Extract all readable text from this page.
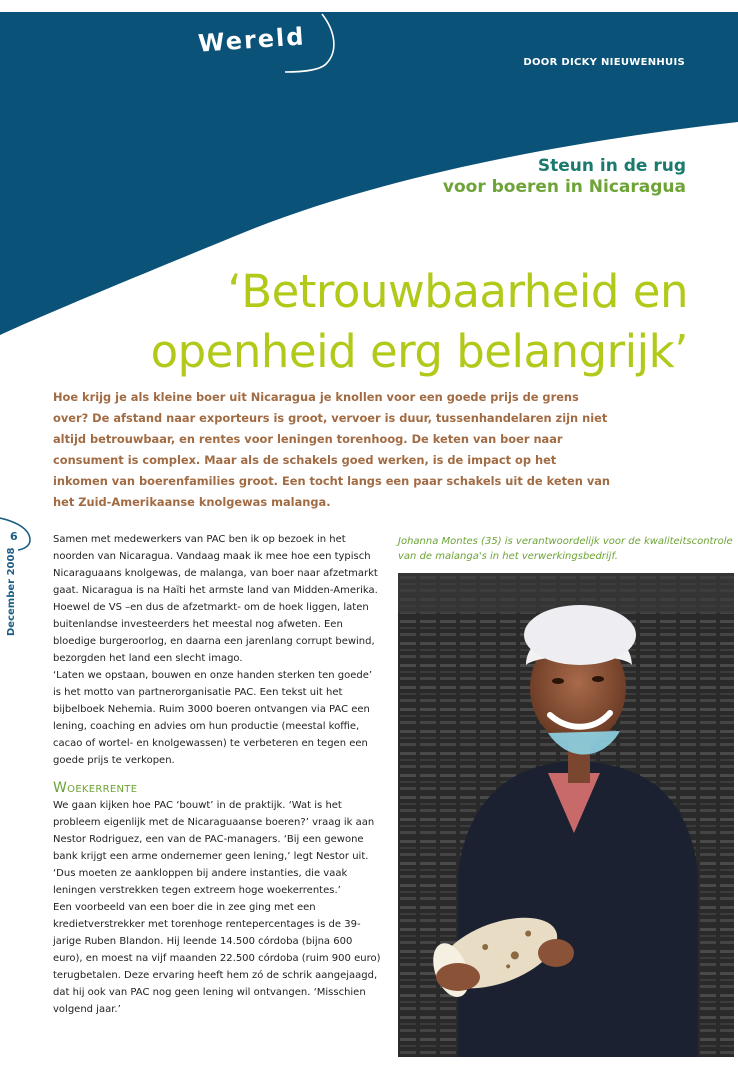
Wereld
DOOR DICKY NIEUWENHUIS
Steun in de rug
voor boeren in Nicaragua
‘Betrouwbaarheid en
openheid erg belangrijk’

Hoe krijg je als kleine boer uit Nicaragua je knollen voor een goede prijs de grens over? De afstand naar exporteurs is groot, vervoer is duur, tussenhandelaren zijn niet altijd betrouwbaar, en rentes voor leningen torenhoog. De keten van boer naar consument is complex. Maar als de schakels goed werken, is de impact op het inkomen van boerenfamilies groot. Een tocht langs een paar schakels uit de keten van het Zuid-Amerikaanse knolgewas malanga.

6
December 2008

Samen met medewerkers van PAC ben ik op bezoek in het noorden van Nicaragua. Vandaag maak ik mee hoe een typisch Nicaraguaans knolgewas, de malanga, van boer naar afzetmarkt gaat. Nicaragua is na Haïti het armste land van Midden-Amerika. Hoewel de VS –en dus de afzetmarkt- om de hoek liggen, laten buitenlandse investeerders het meestal nog afweten. Een bloedige burgeroorlog, en daarna een jarenlang corrupt bewind, bezorgden het land een slecht imago.

‘Laten we opstaan, bouwen en onze handen sterken ten goede’ is het motto van partnerorganisatie PAC. Een tekst uit het bijbelboek Nehemia. Ruim 3000 boeren ontvangen via PAC een lening, coaching en advies om hun productie (meestal koffie, cacao of wortel- en knolgewassen) te verbeteren en tegen een goede prijs te verkopen.

Woekerrente

We gaan kijken hoe PAC ‘bouwt’ in de praktijk. ‘Wat is het probleem eigenlijk met de Nicaraguaanse boeren?’ vraag ik aan Nestor Rodriguez, een van de PAC-managers. ‘Bij een gewone bank krijgt een arme ondernemer geen lening,’ legt Nestor uit. ‘Dus moeten ze aankloppen bij andere instanties, die vaak leningen verstrekken tegen extreem hoge woekerrentes.’

Een voorbeeld van een boer die in zee ging met een kredietverstrekker met torenhoge rentepercentages is de 39-jarige Ruben Blandon. Hij leende 14.500 córdoba (bijna 600 euro), en moest na vijf maanden 22.500 córdoba (ruim 900 euro) terugbetalen. Deze ervaring heeft hem zó de schrik aangejaagd, dat hij ook van PAC nog geen lening wil ontvangen. ‘Misschien volgend jaar.’

Johanna Montes (35) is verantwoordelijk voor de kwaliteitscontrole van de malanga's in het verwerkingsbedrijf.
